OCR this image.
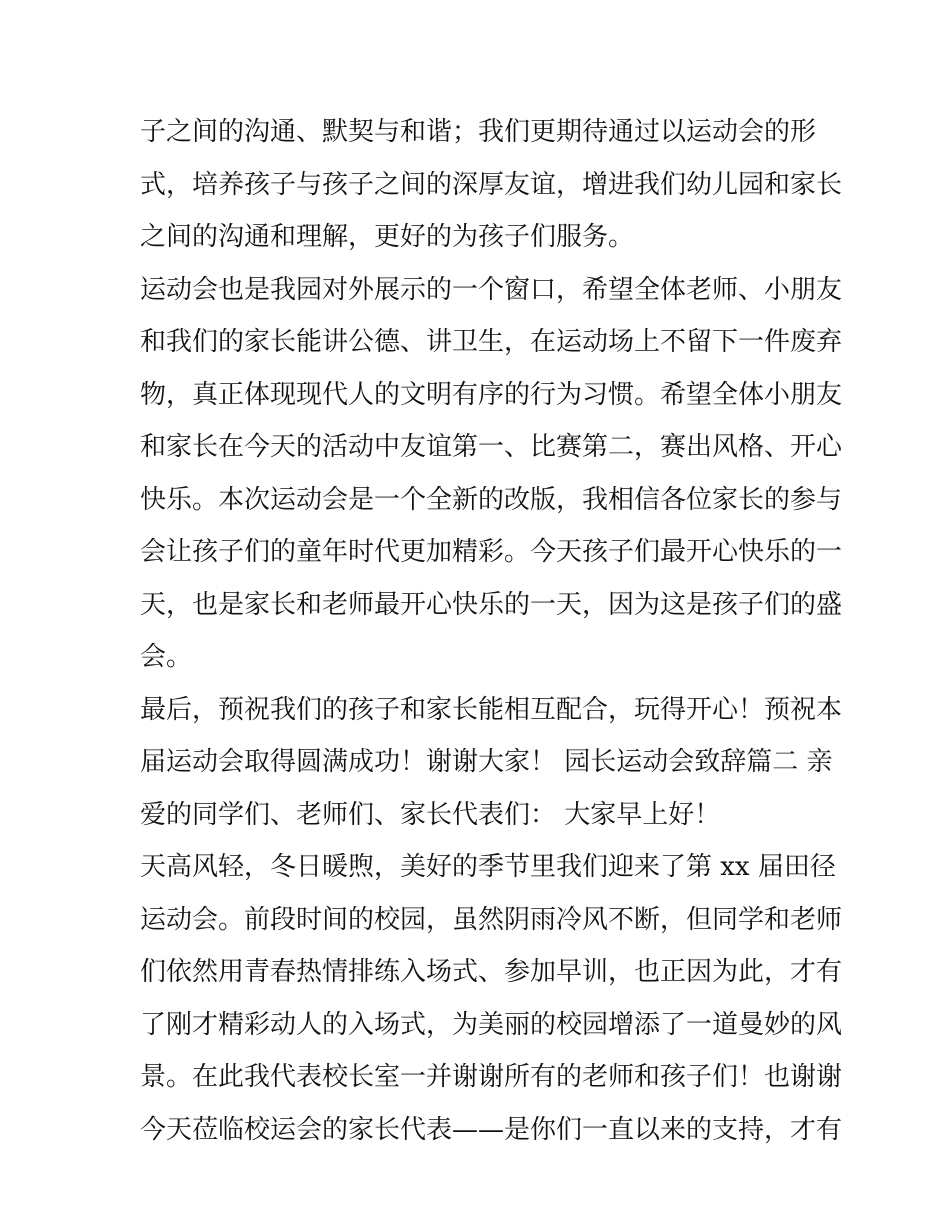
子之间的沟通、默契与和谐；我们更期待通过以运动会的形
式，培养孩子与孩子之间的深厚友谊，增进我们幼儿园和家长
之间的沟通和理解，更好的为孩子们服务。
运动会也是我园对外展示的一个窗口，希望全体老师、小朋友
和我们的家长能讲公德、讲卫生，在运动场上不留下一件废弃
物，真正体现现代人的文明有序的行为习惯。希望全体小朋友
和家长在今天的活动中友谊第一、比赛第二，赛出风格、开心
快乐。本次运动会是一个全新的改版，我相信各位家长的参与
会让孩子们的童年时代更加精彩。今天孩子们最开心快乐的一
天，也是家长和老师最开心快乐的一天，因为这是孩子们的盛
会。
最后，预祝我们的孩子和家长能相互配合，玩得开心！预祝本
届运动会取得圆满成功！谢谢大家！ 园长运动会致辞篇二 亲
爱的同学们、老师们、家长代表们： 大家早上好！
天高风轻，冬日暖煦，美好的季节里我们迎来了第 xx 届田径
运动会。前段时间的校园，虽然阴雨冷风不断，但同学和老师
们依然用青春热情排练入场式、参加早训，也正因为此，才有
了刚才精彩动人的入场式，为美丽的校园增添了一道曼妙的风
景。在此我代表校长室一并谢谢所有的老师和孩子们！也谢谢
今天莅临校运会的家长代表——是你们一直以来的支持，才有
